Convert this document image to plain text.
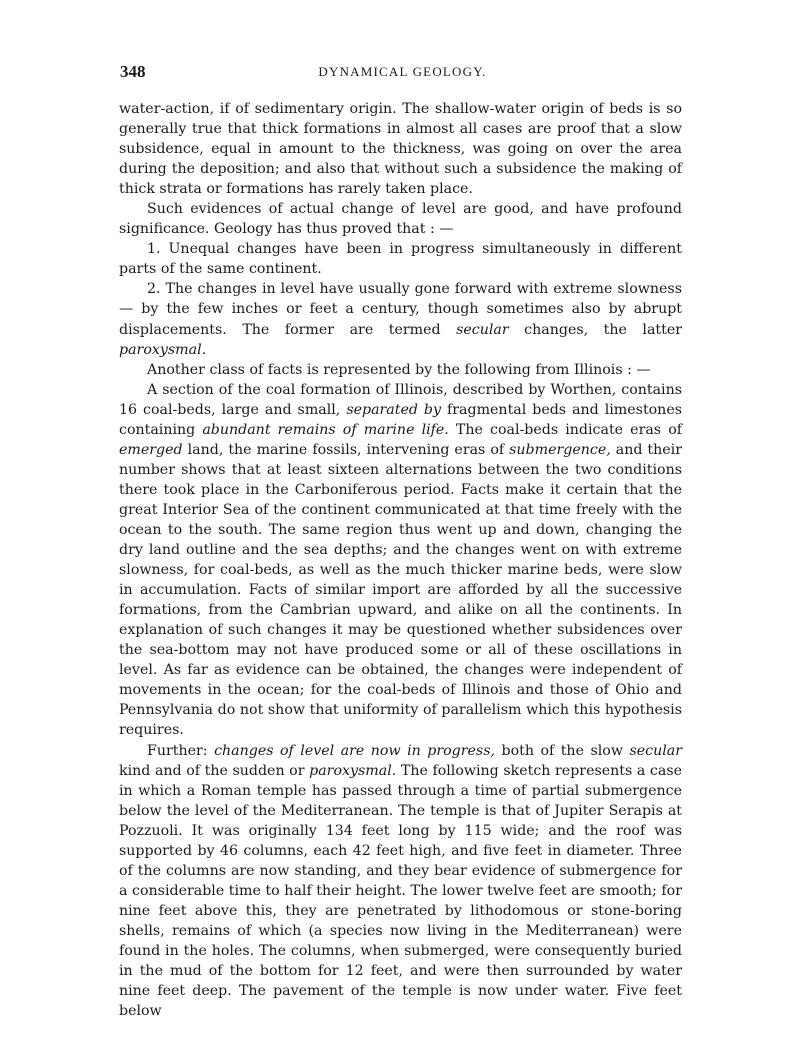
348	DYNAMICAL GEOLOGY.

water-action, if of sedimentary origin. The shallow-water origin of beds is so generally true that thick formations in almost all cases are proof that a slow subsidence, equal in amount to the thickness, was going on over the area during the deposition; and also that without such a subsidence the making of thick strata or formations has rarely taken place.

Such evidences of actual change of level are good, and have profound significance. Geology has thus proved that : —

1. Unequal changes have been in progress simultaneously in different parts of the same continent.

2. The changes in level have usually gone forward with extreme slowness — by the few inches or feet a century, though sometimes also by abrupt displacements. The former are termed secular changes, the latter paroxysmal.

Another class of facts is represented by the following from Illinois : —

A section of the coal formation of Illinois, described by Worthen, contains 16 coal-beds, large and small, separated by fragmental beds and limestones containing abundant remains of marine life. The coal-beds indicate eras of emerged land, the marine fossils, intervening eras of submergence, and their number shows that at least sixteen alternations between the two conditions there took place in the Carboniferous period. Facts make it certain that the great Interior Sea of the continent communicated at that time freely with the ocean to the south. The same region thus went up and down, changing the dry land outline and the sea depths; and the changes went on with extreme slowness, for coal-beds, as well as the much thicker marine beds, were slow in accumulation. Facts of similar import are afforded by all the successive formations, from the Cambrian upward, and alike on all the continents. In explanation of such changes it may be questioned whether subsidences over the sea-bottom may not have produced some or all of these oscillations in level. As far as evidence can be obtained, the changes were independent of movements in the ocean; for the coal-beds of Illinois and those of Ohio and Pennsylvania do not show that uniformity of parallelism which this hypothesis requires.

Further: changes of level are now in progress, both of the slow secular kind and of the sudden or paroxysmal. The following sketch represents a case in which a Roman temple has passed through a time of partial submergence below the level of the Mediterranean. The temple is that of Jupiter Serapis at Pozzuoli. It was originally 134 feet long by 115 wide; and the roof was supported by 46 columns, each 42 feet high, and five feet in diameter. Three of the columns are now standing, and they bear evidence of submergence for a considerable time to half their height. The lower twelve feet are smooth; for nine feet above this, they are penetrated by lithodomous or stone-boring shells, remains of which (a species now living in the Mediterranean) were found in the holes. The columns, when submerged, were consequently buried in the mud of the bottom for 12 feet, and were then surrounded by water nine feet deep. The pavement of the temple is now under water. Five feet below
